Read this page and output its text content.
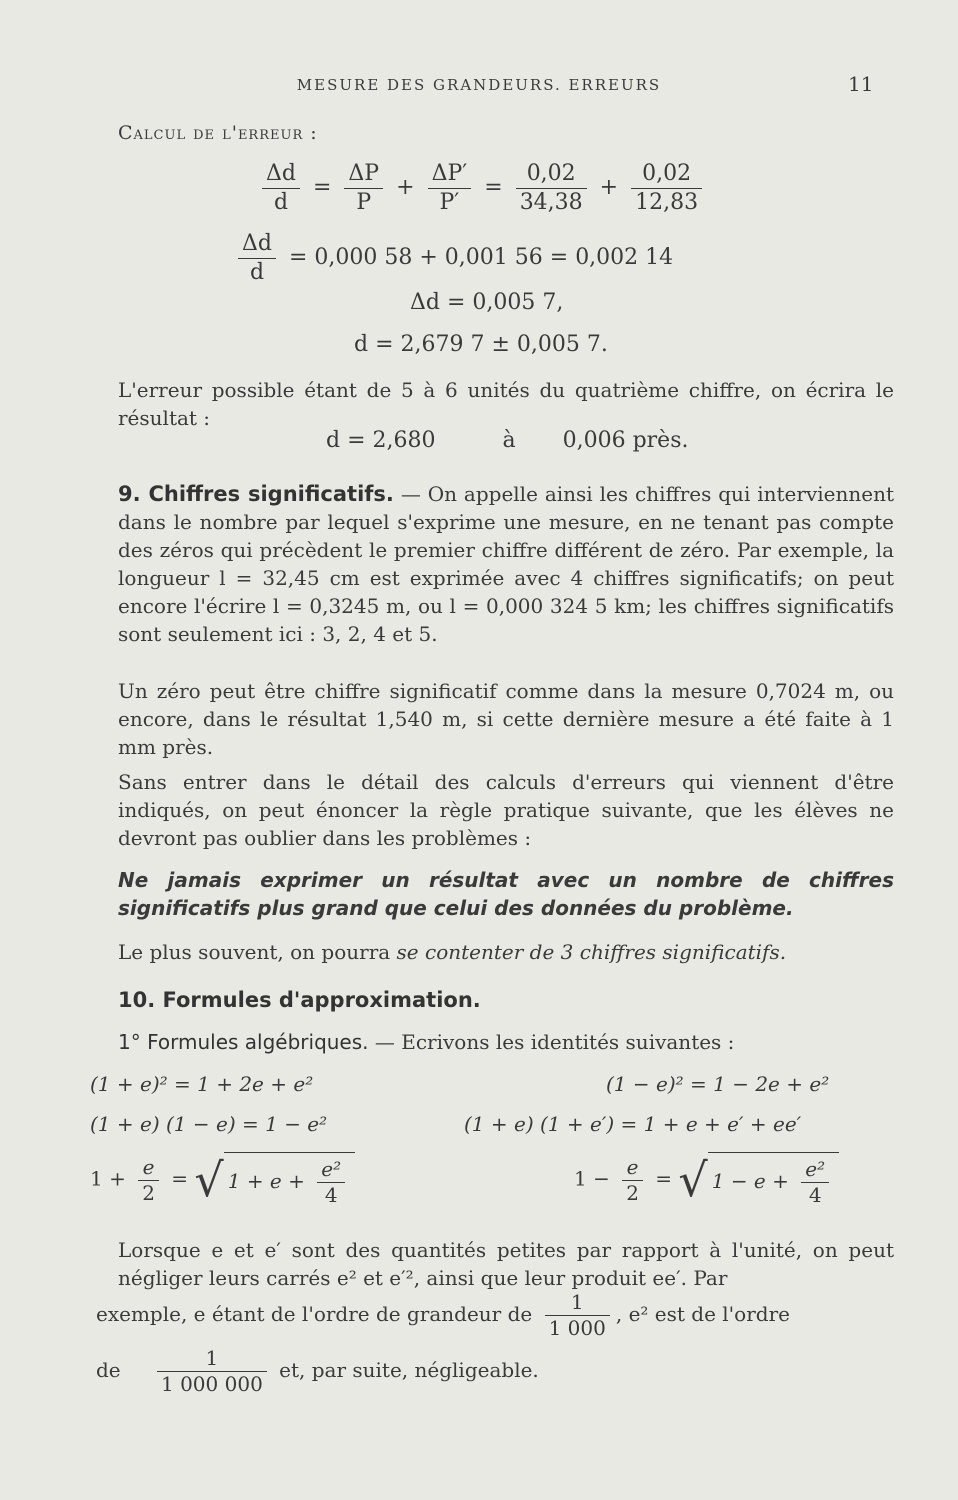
MESURE DES GRANDEURS. ERREURS	11
Calcul de l'erreur :
$\frac{\Delta d}{d} = \frac{\Delta P}{P} + \frac{\Delta P'}{P'} = \frac{0,02}{34,38} + \frac{0,02}{12,83}$
$\frac{\Delta d}{d} = 0,000$ 58 + 0,001 56 = 0,002 14
Δd = 0,005 7,
d = 2,679 7 ± 0,005 7.
L'erreur possible étant de 5 à 6 unités du quatrième chiffre, on écrira le résultat :
d = 2,680	à 0,006 près.
9. Chiffres significatifs. — On appelle ainsi les chiffres qui interviennent dans le nombre par lequel s'exprime une mesure, en ne tenant pas compte des zéros qui précèdent le premier chiffre différent de zéro. Par exemple, la longueur l = 32,45 cm est exprimée avec 4 chiffres significatifs; on peut encore l'écrire l = 0,3245 m, ou l = 0,000 324 5 km; les chiffres significatifs sont seulement ici : 3, 2, 4 et 5.
Un zéro peut être chiffre significatif comme dans la mesure 0,7024 m, ou encore, dans le résultat 1,540 m, si cette dernière mesure a été faite à 1 mm près.
Sans entrer dans le détail des calculs d'erreurs qui viennent d'être indiqués, on peut énoncer la règle pratique suivante, que les élèves ne devront pas oublier dans les problèmes :
Ne jamais exprimer un résultat avec un nombre de chiffres significatifs plus grand que celui des données du problème.
Le plus souvent, on pourra se contenter de 3 chiffres significatifs.
10. Formules d'approximation.
1° Formules algébriques. — Ecrivons les identités suivantes :
(1 + e)² = 1 + 2e + e²	(1 − e)² = 1 − 2e + e²
(1 + e) (1 − e) = 1 − e²	(1 + e) (1 + e′) = 1 + e + e′ + ee′
$1 + \frac{e}{2}$ = √ $1 + e + \frac{\text{e²}}{4}$	$1 - \frac{e}{2}$ = √ $1 - e + \frac{\text{e²}}{4}$
Lorsque e et e′ sont des quantités petites par rapport à l'unité, on peut négliger leurs carrés e² et e′², ainsi que leur produit ee′. Par
exemple, e étant de l'ordre de grandeur de $\frac{1}{1 000}$ , e² est de l'ordre
de $\frac{1}{1 000 000}$ et, par suite, négligeable.
